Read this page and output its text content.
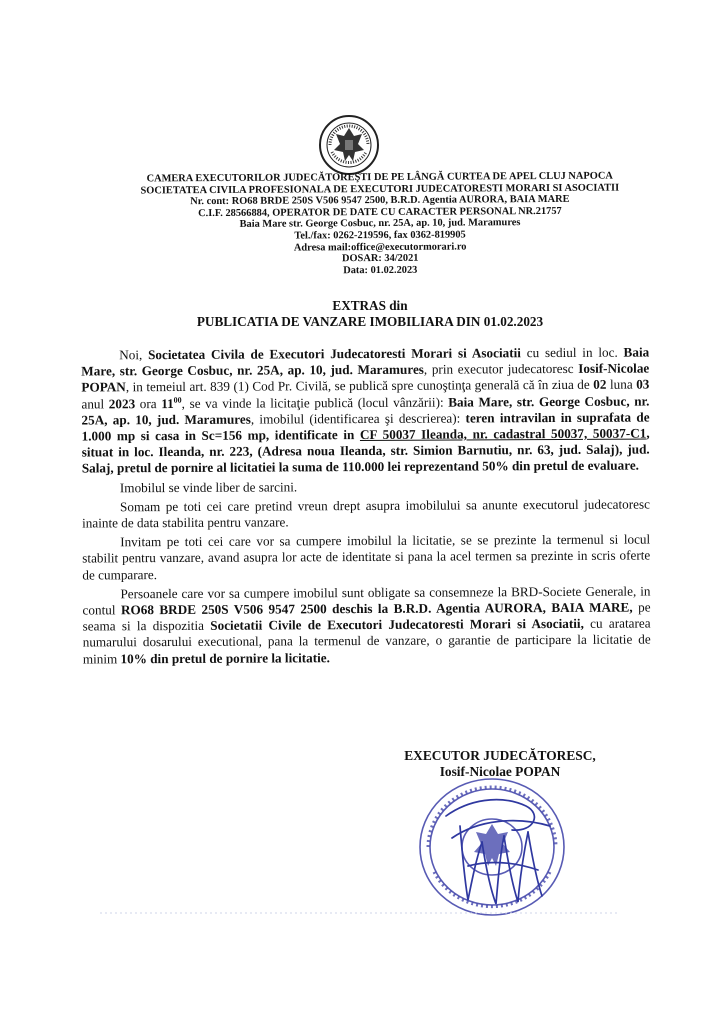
CAMERA EXECUTORILOR JUDECĂTOREŞTI DE PE LÂNGĂ CURTEA DE APEL CLUJ NAPOCA
SOCIETATEA CIVILA PROFESIONALA DE EXECUTORI JUDECATORESTI MORARI SI ASOCIATII
Nr. cont: RO68 BRDE 250S V506 9547 2500, B.R.D. Agentia AURORA, BAIA MARE
C.I.F. 28566884, OPERATOR DE DATE CU CARACTER PERSONAL NR.21757
Baia Mare str. George Cosbuc, nr. 25A, ap. 10, jud. Maramures
Tel./fax: 0262-219596, fax 0362-819905
Adresa mail:office@executormorari.ro
DOSAR: 34/2021
Data: 01.02.2023
EXTRAS din
PUBLICATIA DE VANZARE IMOBILIARA DIN 01.02.2023

Noi, Societatea Civila de Executori Judecatoresti Morari si Asociatii cu sediul in loc. Baia Mare, str. George Cosbuc, nr. 25A, ap. 10, jud. Maramures, prin executor judecatoresc Iosif-Nicolae POPAN, in temeiul art. 839 (1) Cod Pr. Civilă, se publică spre cunoştinţa generală că în ziua de 02 luna 03 anul 2023 ora $11^{00}$, se va vinde la licitaţie publică (locul vânzării): Baia Mare, str. George Cosbuc, nr. 25A, ap. 10, jud. Maramures, imobilul (identificarea şi descrierea): teren intravilan in suprafata de 1.000 mp si casa in Sc=156 mp, identificate in CF 50037 Ileanda, nr. cadastral 50037, 50037-C1, situat in loc. Ileanda, nr. 223, (Adresa noua Ileanda, str. Simion Barnutiu, nr. 63, jud. Salaj), jud. Salaj, pretul de pornire al licitatiei la suma de 110.000 lei reprezentand 50% din pretul de evaluare.

Imobilul se vinde liber de sarcini.

Somam pe toti cei care pretind vreun drept asupra imobilului sa anunte executorul judecatoresc inainte de data stabilita pentru vanzare.

Invitam pe toti cei care vor sa cumpere imobilul la licitatie, se se prezinte la termenul si locul stabilit pentru vanzare, avand asupra lor acte de identitate si pana la acel termen sa prezinte in scris oferte de cumparare.

Persoanele care vor sa cumpere imobilul sunt obligate sa consemneze la BRD-Societe Generale, in contul RO68 BRDE 250S V506 9547 2500 deschis la B.R.D. Agentia AURORA, BAIA MARE, pe seama si la dispozitia Societatii Civile de Executori Judecatoresti Morari si Asociatii, cu aratarea numarului dosarului executional, pana la termenul de vanzare, o garantie de participare la licitatie de minim 10% din pretul de pornire la licitatie.

EXECUTOR JUDECĂTORESC,
Iosif-Nicolae POPAN
